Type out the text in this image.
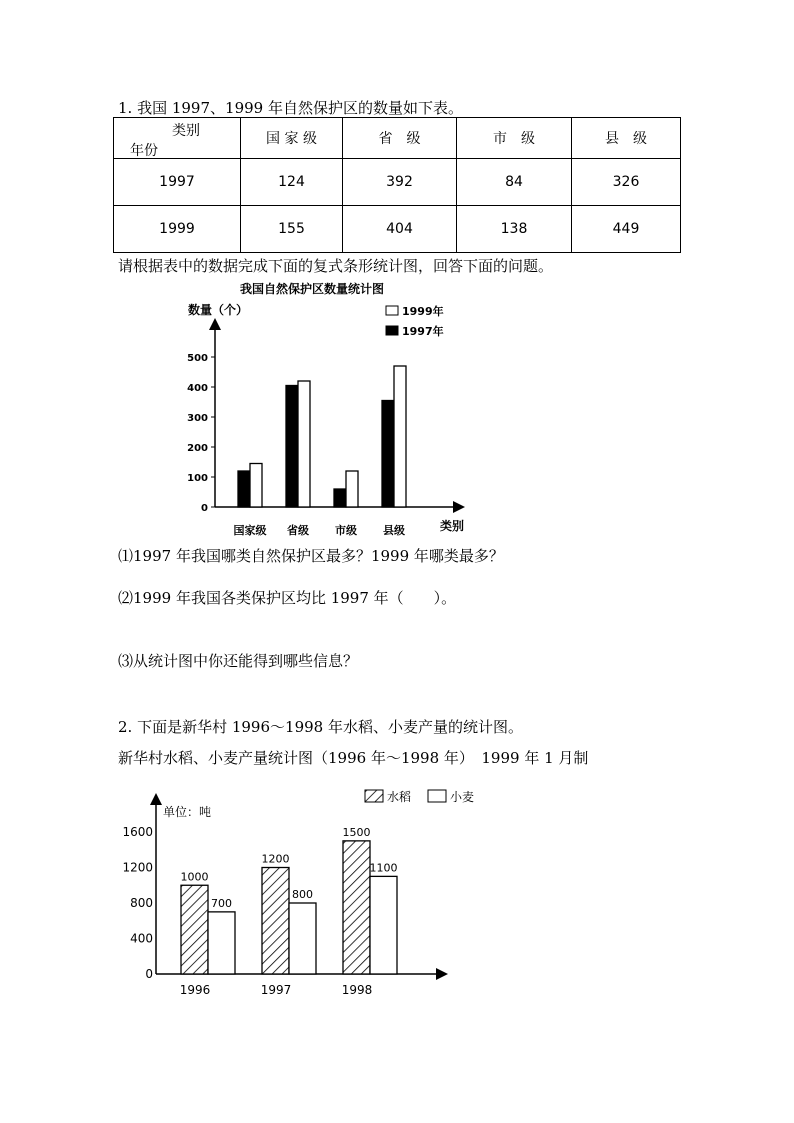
1. 我国 1997、1999 年自然保护区的数量如下表。
类别
年份	国 家 级	省　级	市　级	县　级
1997	124	392	84	326
1999	155	404	138	449
请根据表中的数据完成下面的复式条形统计图，回答下面的问题。
我国自然保护区数量统计图
数量（个）
类别
0
100
200
300
400
500
国家级 省级 市级 县级
1999年
1997年
⑴1997 年我国哪类自然保护区最多？1999 年哪类最多？
⑵1999 年我国各类保护区均比 1997 年（　　）。
⑶从统计图中你还能得到哪些信息？
2. 下面是新华村 1996～1998 年水稻、小麦产量的统计图。
新华村水稻、小麦产量统计图（1996 年～1998 年）　1999 年 1 月制
单位：吨
0
400
800
1200
1600
1000
700
1200
800
1500
1100
1996	1997	1998
水稻	小麦
